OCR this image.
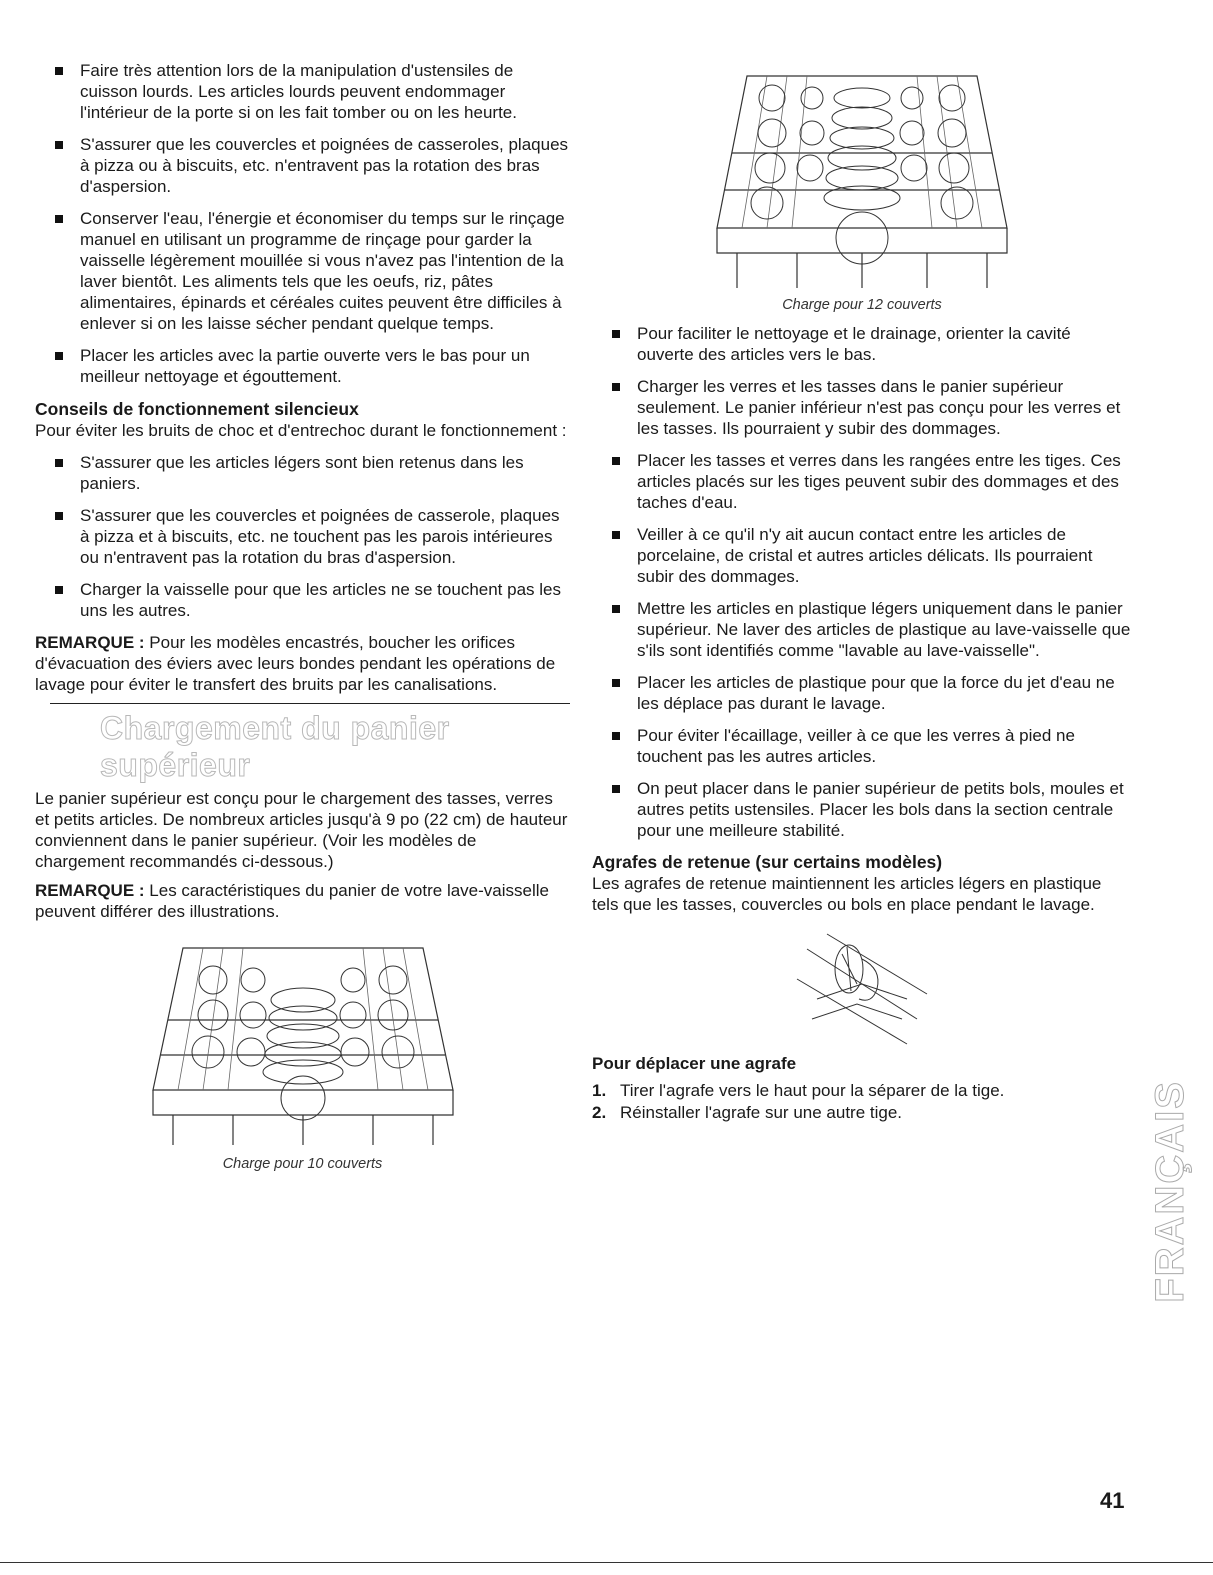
Faire très attention lors de la manipulation d'ustensiles de cuisson lourds. Les articles lourds peuvent endommager l'intérieur de la porte si on les fait tomber ou on les heurte.
S'assurer que les couvercles et poignées de casseroles, plaques à pizza ou à biscuits, etc. n'entravent pas la rotation des bras d'aspersion.
Conserver l'eau, l'énergie et économiser du temps sur le rinçage manuel en utilisant un programme de rinçage pour garder la vaisselle légèrement mouillée si vous n'avez pas l'intention de la laver bientôt. Les aliments tels que les oeufs, riz, pâtes alimentaires, épinards et céréales cuites peuvent être difficiles à enlever si on les laisse sécher pendant quelque temps.
Placer les articles avec la partie ouverte vers le bas pour un meilleur nettoyage et égouttement.
Conseils de fonctionnement silencieux

Pour éviter les bruits de choc et d'entrechoc durant le fonctionnement :

S'assurer que les articles légers sont bien retenus dans les paniers.
S'assurer que les couvercles et poignées de casserole, plaques à pizza et à biscuits, etc. ne touchent pas les parois intérieures ou n'entravent pas la rotation du bras d'aspersion.
Charger la vaisselle pour que les articles ne se touchent pas les uns les autres.

REMARQUE : Pour les modèles encastrés, boucher les orifices d'évacuation des éviers avec leurs bondes pendant les opérations de lavage pour éviter le transfert des bruits par les canalisations.

Chargement du panier supérieur

Le panier supérieur est conçu pour le chargement des tasses, verres et petits articles. De nombreux articles jusqu'à 9 po (22 cm) de hauteur conviennent dans le panier supérieur. (Voir les modèles de chargement recommandés ci-dessous.)

REMARQUE : Les caractéristiques du panier de votre lave-vaisselle peuvent différer des illustrations.

Charge pour 10 couverts

Charge pour 12 couverts

Pour faciliter le nettoyage et le drainage, orienter la cavité ouverte des articles vers le bas.
Charger les verres et les tasses dans le panier supérieur seulement. Le panier inférieur n'est pas conçu pour les verres et les tasses. Ils pourraient y subir des dommages.
Placer les tasses et verres dans les rangées entre les tiges. Ces articles placés sur les tiges peuvent subir des dommages et des taches d'eau.
Veiller à ce qu'il n'y ait aucun contact entre les articles de porcelaine, de cristal et autres articles délicats. Ils pourraient subir des dommages.
Mettre les articles en plastique légers uniquement dans le panier supérieur. Ne laver des articles de plastique au lave-vaisselle que s'ils sont identifiés comme "lavable au lave-vaisselle".
Placer les articles de plastique pour que la force du jet d'eau ne les déplace pas durant le lavage.
Pour éviter l'écaillage, veiller à ce que les verres à pied ne touchent pas les autres articles.
On peut placer dans le panier supérieur de petits bols, moules et autres petits ustensiles. Placer les bols dans la section centrale pour une meilleure stabilité.
Agrafes de retenue (sur certains modèles)

Les agrafes de retenue maintiennent les articles légers en plastique tels que les tasses, couvercles ou bols en place pendant le lavage.

Pour déplacer une agrafe
1. Tirer l'agrafe vers le haut pour la séparer de la tige.
2. Réinstaller l'agrafe sur une autre tige.	FRANÇAIS
41
